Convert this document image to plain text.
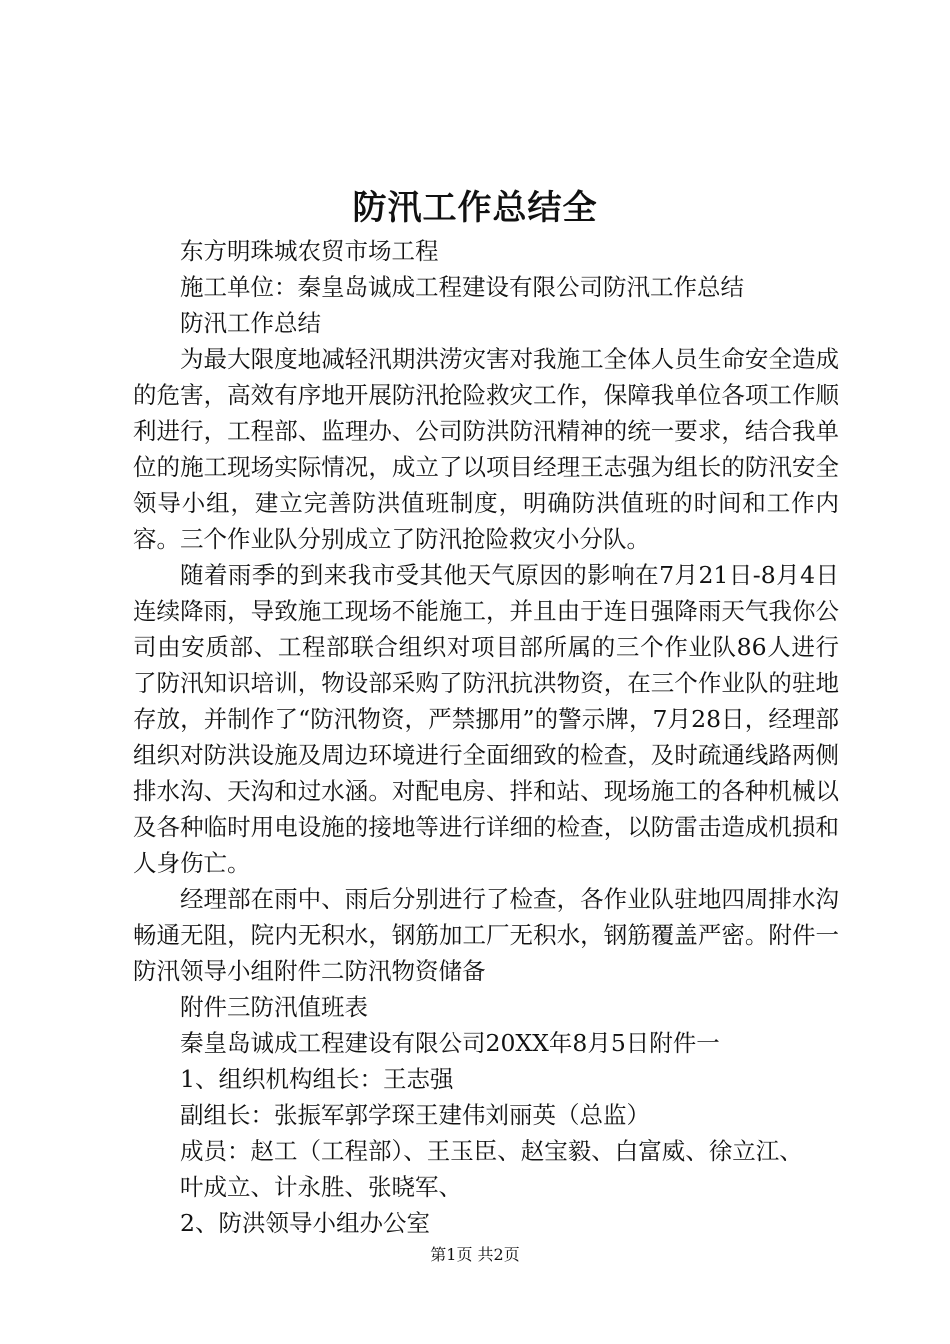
防汛工作总结全

东方明珠城农贸市场工程

施工单位：秦皇岛诚成工程建设有限公司防汛工作总结

防汛工作总结

为最大限度地减轻汛期洪涝灾害对我施工全体人员生命安全造成的危害，高效有序地开展防汛抢险救灾工作，保障我单位各项工作顺利进行，工程部、监理办、公司防洪防汛精神的统一要求，结合我单位的施工现场实际情况，成立了以项目经理王志强为组长的防汛安全领导小组，建立完善防洪值班制度，明确防洪值班的时间和工作内容。三个作业队分别成立了防汛抢险救灾小分队。

随着雨季的到来我市受其他天气原因的影响在7月21日-8月4日连续降雨，导致施工现场不能施工，并且由于连日强降雨天气我你公司由安质部、工程部联合组织对项目部所属的三个作业队86人进行了防汛知识培训，物设部采购了防汛抗洪物资，在三个作业队的驻地存放，并制作了“防汛物资，严禁挪用”的警示牌，7月28日，经理部组织对防洪设施及周边环境进行全面细致的检查，及时疏通线路两侧排水沟、天沟和过水涵。对配电房、拌和站、现场施工的各种机械以及各种临时用电设施的接地等进行详细的检查，以防雷击造成机损和人身伤亡。

经理部在雨中、雨后分别进行了检查，各作业队驻地四周排水沟畅通无阻，院内无积水，钢筋加工厂无积水，钢筋覆盖严密。附件一防汛领导小组附件二防汛物资储备

附件三防汛值班表

秦皇岛诚成工程建设有限公司20XX年8月5日附件一

1、组织机构组长：王志强

副组长：张振军郭学琛王建伟刘丽英（总监）

成员：赵工（工程部）、王玉臣、赵宝毅、白富威、徐立江、

叶成立、计永胜、张晓军、

2、防洪领导小组办公室

第1页 共2页
